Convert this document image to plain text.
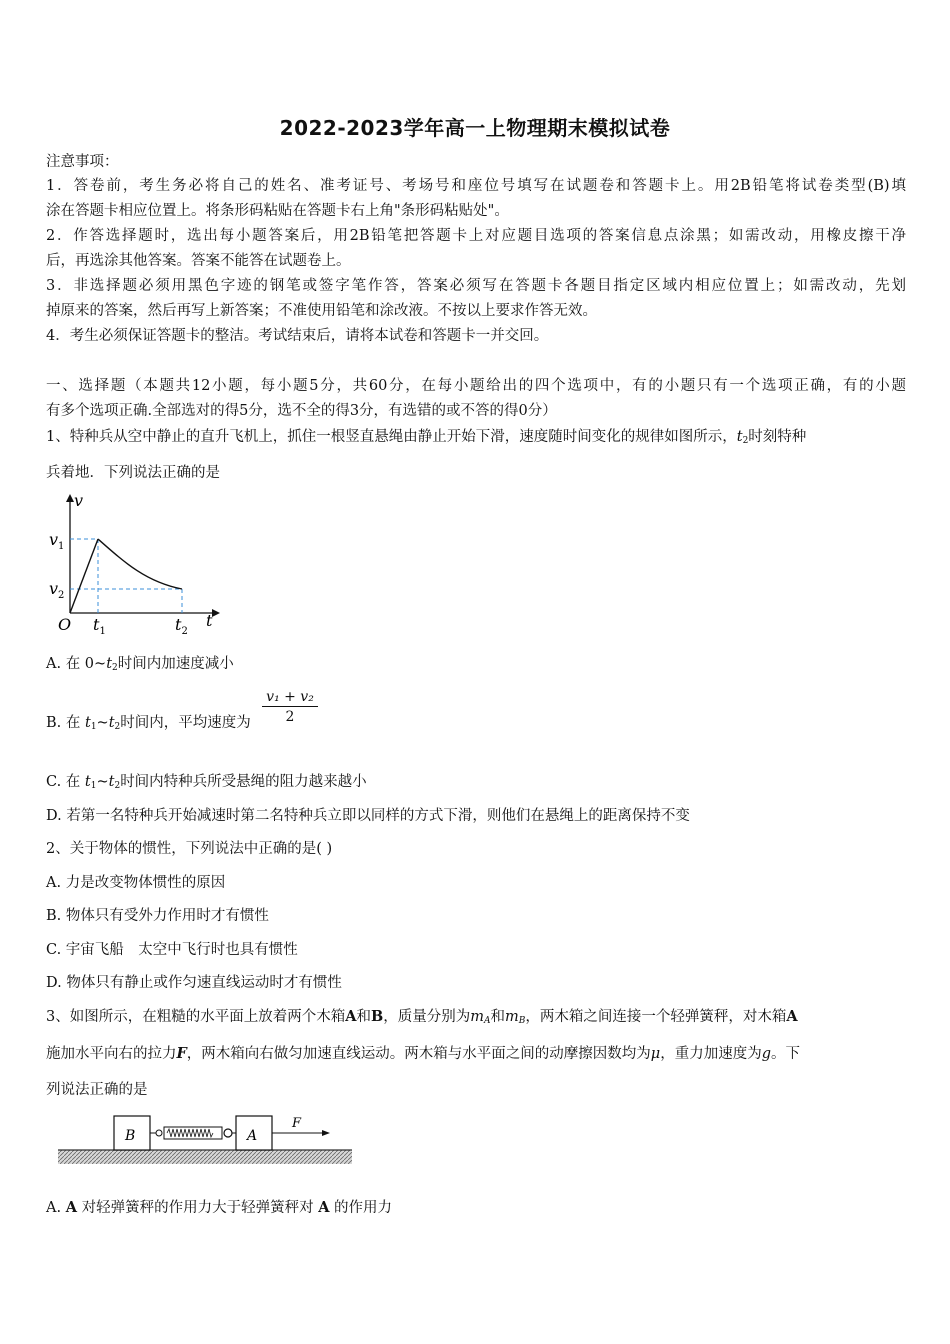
2022-2023学年高一上物理期末模拟试卷
注意事项：
1．答卷前，考生务必将自己的姓名、准考证号、考场号和座位号填写在试题卷和答题卡上。用2B铅笔将试卷类型(B)填
涂在答题卡相应位置上。将条形码粘贴在答题卡右上角"条形码粘贴处"。
2．作答选择题时，选出每小题答案后，用2B铅笔把答题卡上对应题目选项的答案信息点涂黑；如需改动，用橡皮擦干净
后，再选涂其他答案。答案不能答在试题卷上。
3．非选择题必须用黑色字迹的钢笔或签字笔作答，答案必须写在答题卡各题目指定区域内相应位置上；如需改动，先划
掉原来的答案，然后再写上新答案；不准使用铅笔和涂改液。不按以上要求作答无效。
4．考生必须保证答题卡的整洁。考试结束后，请将本试卷和答题卡一并交回。
一、选择题（本题共12小题，每小题5分，共60分，在每小题给出的四个选项中，有的小题只有一个选项正确，有的小题
有多个选项正确.全部选对的得5分，选不全的得3分，有选错的或不答的得0分）
1、特种兵从空中静止的直升飞机上，抓住一根竖直悬绳由静止开始下滑，速度随时间变化的规律如图所示，$t_2$时刻特种
兵着地．下列说法正确的是
v
t
O
$v_1$
$v_2$
$t_1$	$t_2$
A. 在 $0\sim t_2$时间内加速度减小
B. 在 $t_1\sim t_2$时间内，平均速度为 $\frac{\text{v₁ + v₂}}{2}$
C. 在 $t_1\sim t_2$时间内特种兵所受悬绳的阻力越来越小
D. 若第一名特种兵开始减速时第二名特种兵立即以同样的方式下滑，则他们在悬绳上的距离保持不变
2、关于物体的惯性，下列说法中正确的是( )
A. 力是改变物体惯性的原因
B. 物体只有受外力作用时才有惯性
C. 宇宙飞船　太空中飞行时也具有惯性
D. 物体只有静止或作匀速直线运动时才有惯性
3、如图所示，在粗糙的水平面上放着两个木箱A和B，质量分别为$m_A$和$m_B$，两木箱之间连接一个轻弹簧秤，对木箱A
施加水平向右的拉力F，两木箱向右做匀加速直线运动。两木箱与水平面之间的动摩擦因数均为μ，重力加速度为g。下
列说法正确的是
B	A
F
A. A 对轻弹簧秤的作用力大于轻弹簧秤对 A 的作用力
